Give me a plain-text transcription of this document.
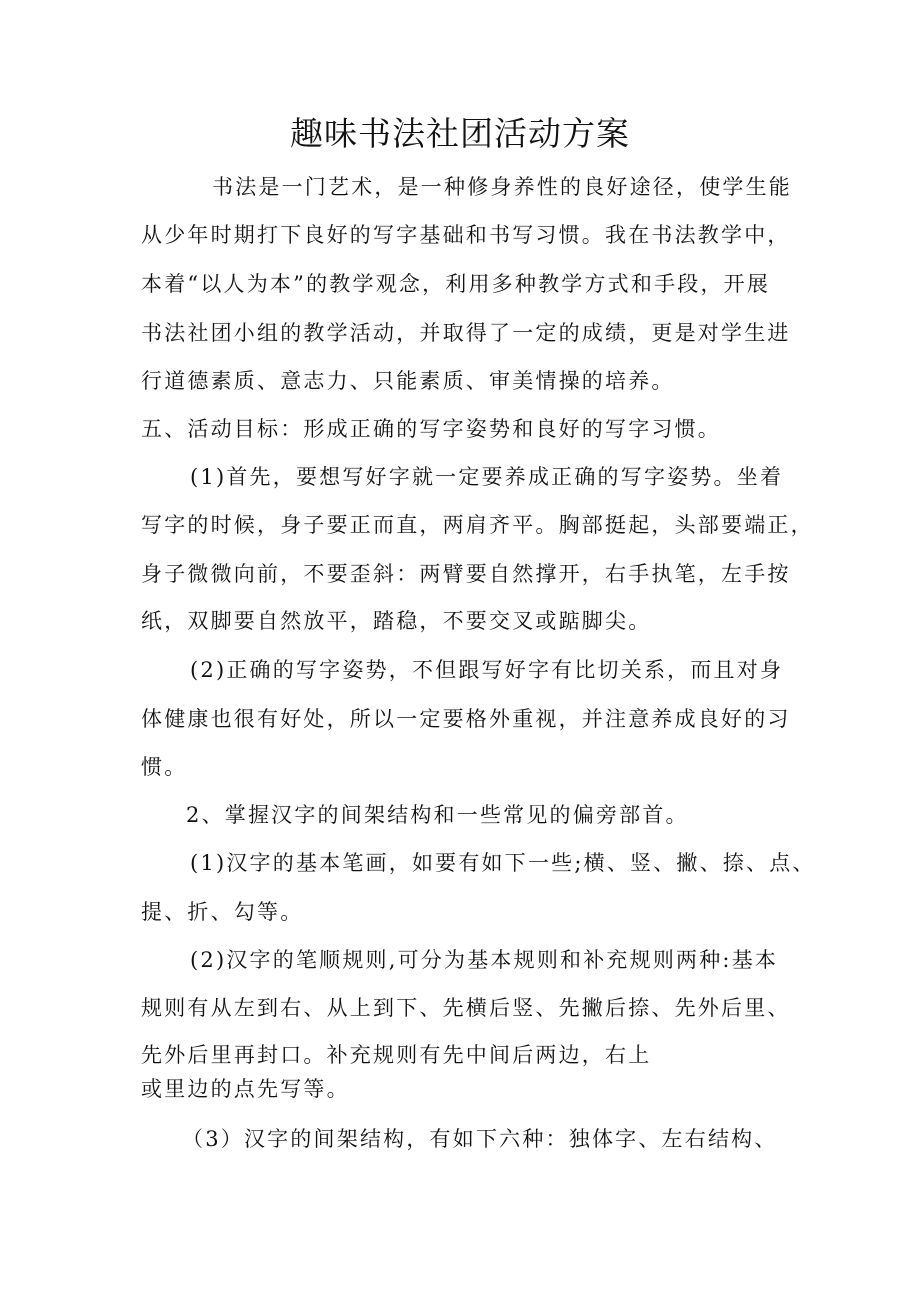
趣味书法社团活动方案
书法是一门艺术，是一种修身养性的良好途径，使学生能
从少年时期打下良好的写字基础和书写习惯。我在书法教学中，
本着“以人为本”的教学观念，利用多种教学方式和手段，开展
书法社团小组的教学活动，并取得了一定的成绩，更是对学生进
行道德素质、意志力、只能素质、审美情操的培养。
五、活动目标：形成正确的写字姿势和良好的写字习惯。
(1)首先，要想写好字就一定要养成正确的写字姿势。坐着
写字的时候，身子要正而直，两肩齐平。胸部挺起，头部要端正，
身子微微向前，不要歪斜：两臂要自然撑开，右手执笔，左手按
纸，双脚要自然放平，踏稳，不要交叉或踮脚尖。
(2)正确的写字姿势，不但跟写好字有比切关系，而且对身
体健康也很有好处，所以一定要格外重视，并注意养成良好的习
惯。
2、掌握汉字的间架结构和一些常见的偏旁部首。
(1)汉字的基本笔画，如要有如下一些;横、竖、撇、捺、点、
提、折、勾等。
(2)汉字的笔顺规则,可分为基本规则和补充规则两种:基本
规则有从左到右、从上到下、先横后竖、先撇后捺、先外后里、
先外后里再封口。补充规则有先中间后两边，右上
或里边的点先写等。
（3）汉字的间架结构，有如下六种：独体字、左右结构、
